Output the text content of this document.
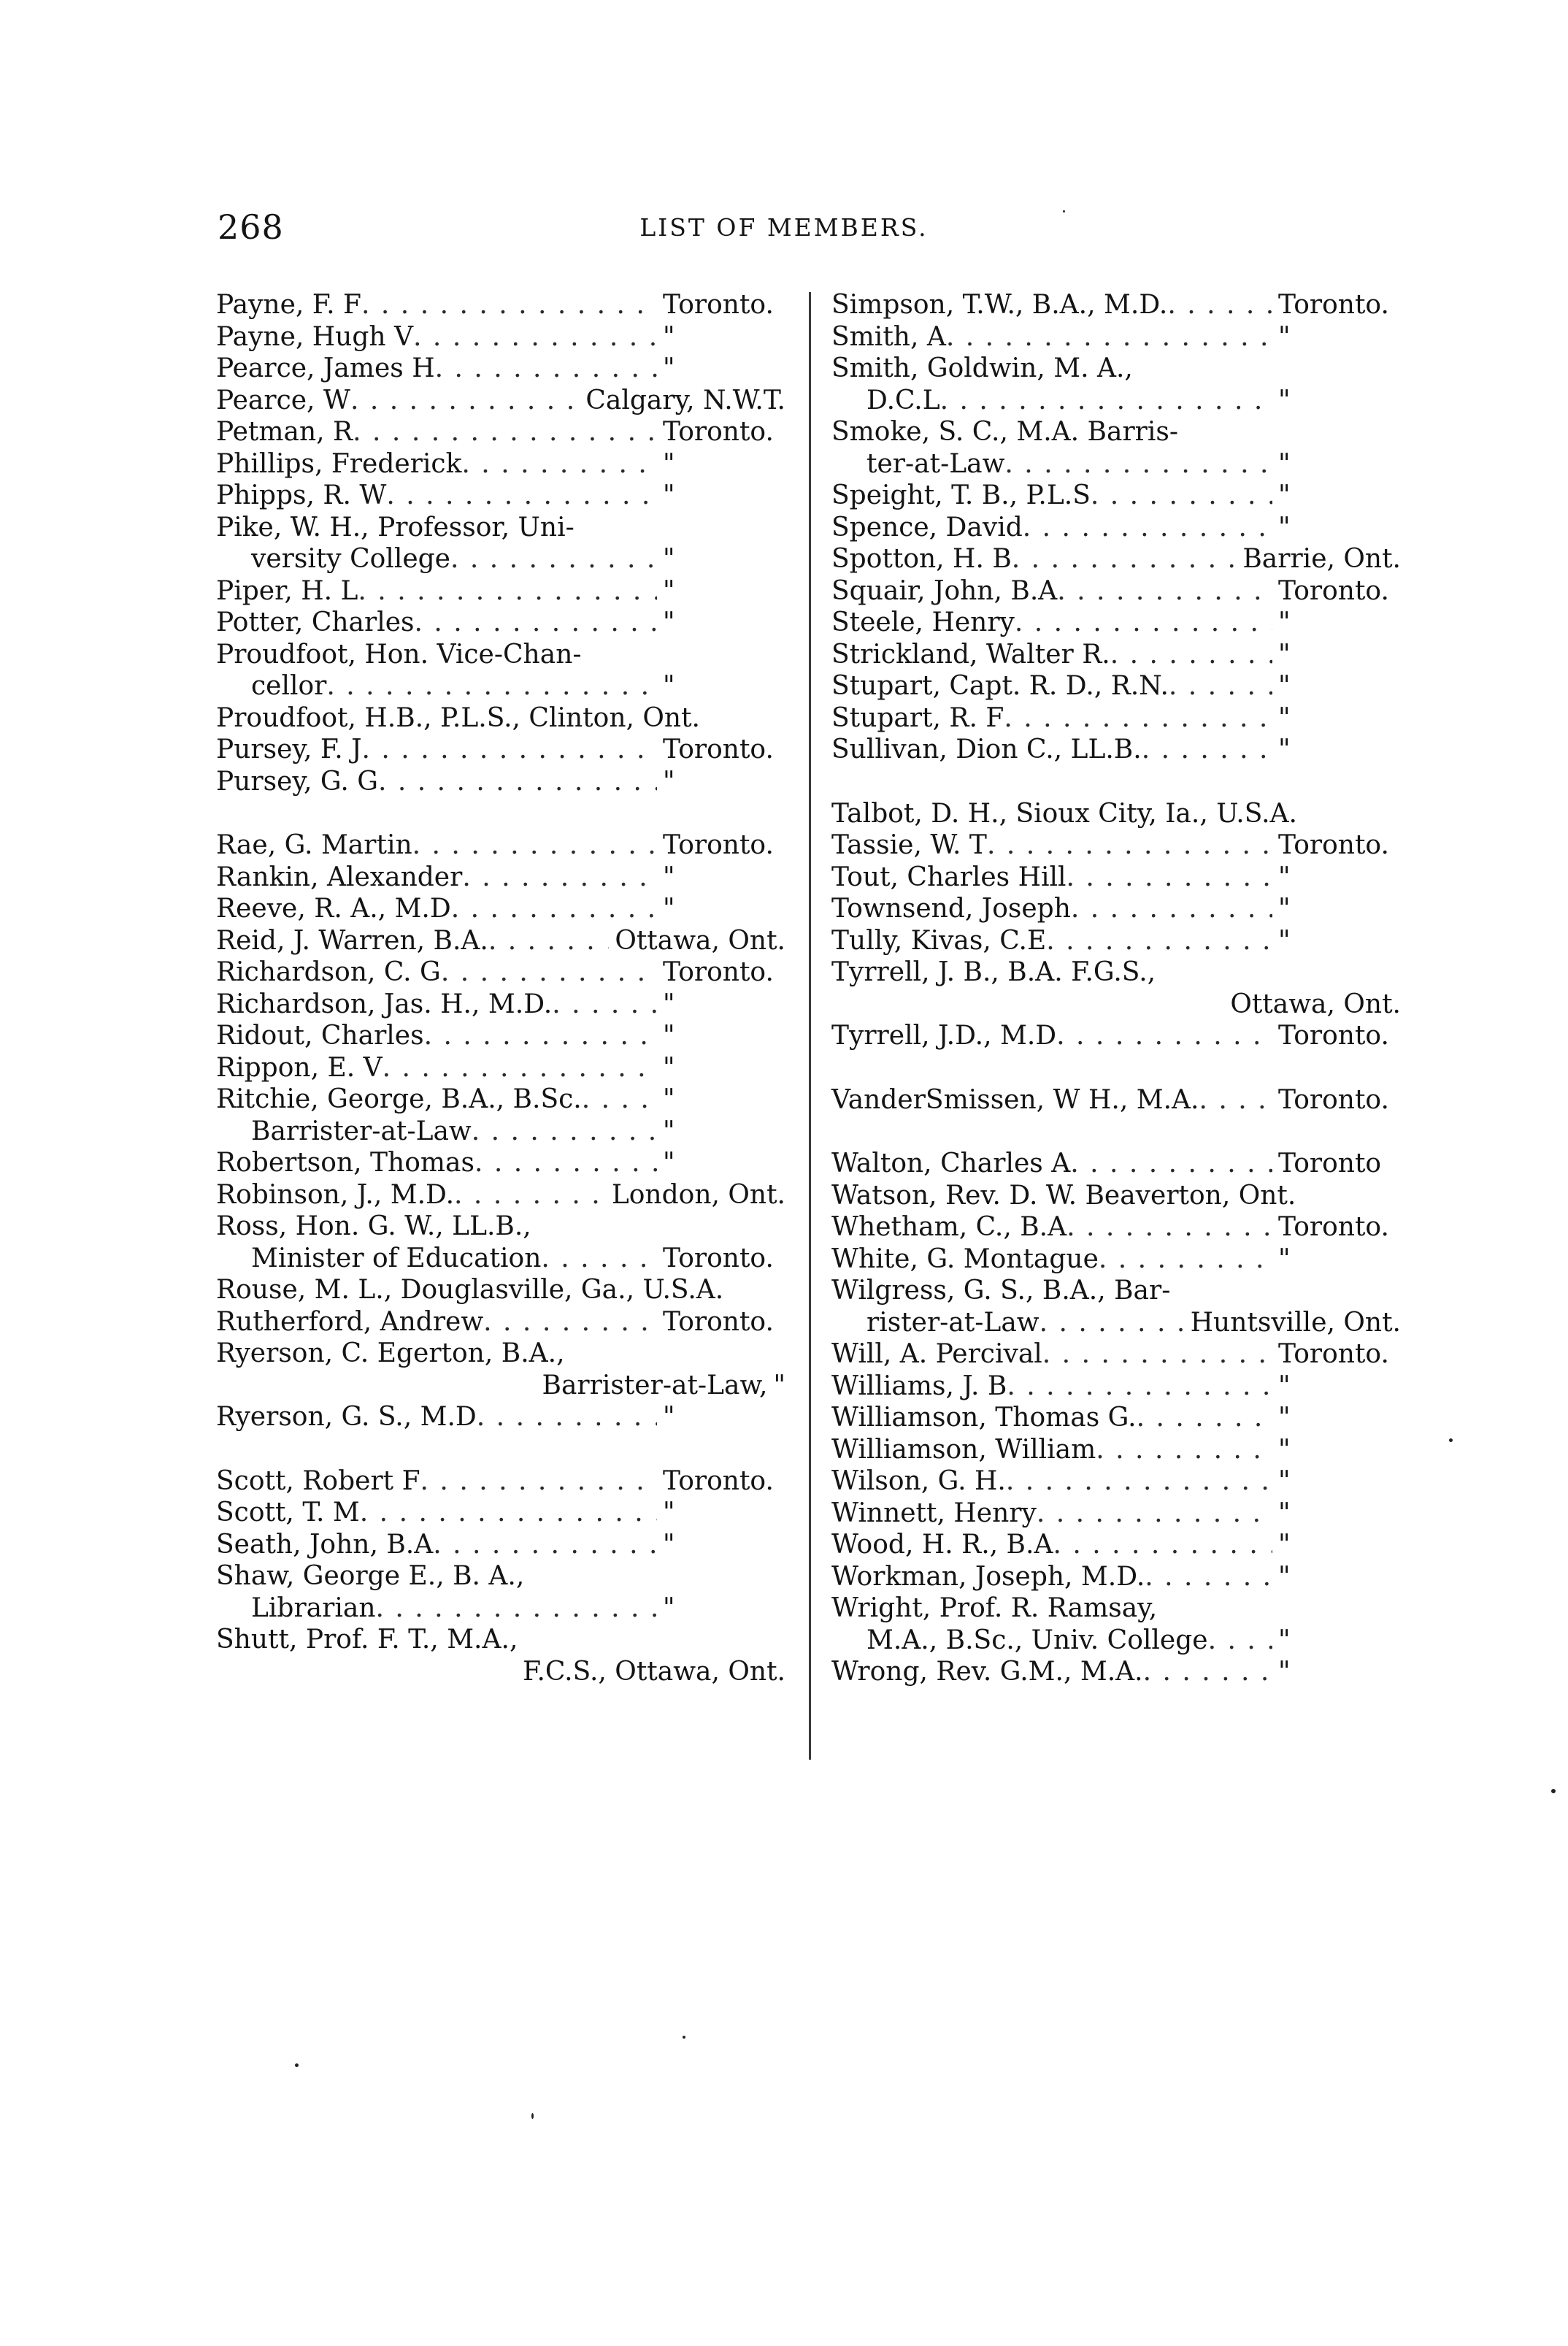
268	LIST OF MEMBERS.
Payne, F. F . . .	Toronto.
Payne, Hugh V . . .	"
Pearce, James H . . .	"
Pearce, W . . .	Calgary, N.W.T.
Petman, R . . .	Toronto.
Phillips, Frederick . . .	"
Phipps, R. W . . .	"
Pike, W. H., Professor, Uni-
versity College . . .	"
Piper, H. L . . .	"
Potter, Charles . . .	"
Proudfoot, Hon. Vice-Chan-
cellor . . .	"
Proudfoot, H.B., P.L.S., Clinton, Ont.
Pursey, F. J . . .	Toronto.
Pursey, G. G . . .	"
Rae, G. Martin . . .	Toronto.
Rankin, Alexander . . .	"
Reeve, R. A., M.D . . .	"
Reid, J. Warren, B.A. . . .	Ottawa, Ont.
Richardson, C. G . . .	Toronto.
Richardson, Jas. H., M.D. . . .	"
Ridout, Charles . . .	"
Rippon, E. V . . .	"
Ritchie, George, B.A., B.Sc. . . .	"
Barrister-at-Law . . .	"
Robertson, Thomas . . .	"
Robinson, J., M.D. . . .	London, Ont.
Ross, Hon. G. W., LL.B.,
Minister of Education . . .	Toronto.
Rouse, M. L., Douglasville, Ga., U.S.A.
Rutherford, Andrew . . .	Toronto.
Ryerson, C. Egerton, B.A.,
Barrister-at-Law, "
Ryerson, G. S., M.D . . .	"
Scott, Robert F . . .	Toronto.
Scott, T. M . . .	"
Seath, John, B.A . . .	"
Shaw, George E., B. A.,
Librarian . . .	"
Shutt, Prof. F. T., M.A.,
F.C.S., Ottawa, Ont.
Simpson, T.W., B.A., M.D. . . .	Toronto.
Smith, A . . .	"
Smith, Goldwin, M. A.,
D.C.L . . .	"
Smoke, S. C., M.A. Barris-
ter-at-Law . . .	"
Speight, T. B., P.L.S . . .	"
Spence, David . . .	"
Spotton, H. B . . .	Barrie, Ont.
Squair, John, B.A . . .	Toronto.
Steele, Henry . . .	"
Strickland, Walter R. . . .	"
Stupart, Capt. R. D., R.N. . . .	"
Stupart, R. F . . .	"
Sullivan, Dion C., LL.B. . . .	"
Talbot, D. H., Sioux City, Ia., U.S.A.
Tassie, W. T . . .	Toronto.
Tout, Charles Hill . . .	"
Townsend, Joseph . . .	"
Tully, Kivas, C.E . . .	"
Tyrrell, J. B., B.A. F.G.S.,
Ottawa, Ont.
Tyrrell, J.D., M.D . . .	Toronto.
VanderSmissen, W H., M.A. . . .	Toronto.
Walton, Charles A . . .	Toronto
Watson, Rev. D. W. Beaverton, Ont.
Whetham, C., B.A . . .	Toronto.
White, G. Montague . . .	"
Wilgress, G. S., B.A., Bar-
rister-at-Law . . .	Huntsville, Ont.
Will, A. Percival . . .	Toronto.
Williams, J. B . . .	"
Williamson, Thomas G. . . .	"
Williamson, William . . .	"
Wilson, G. H. . . .	"
Winnett, Henry . . .	"
Wood, H. R., B.A . . .	"
Workman, Joseph, M.D. . . .	"
Wright, Prof. R. Ramsay,
M.A., B.Sc., Univ. College . . .	"
Wrong, Rev. G.M., M.A. . . .	"
